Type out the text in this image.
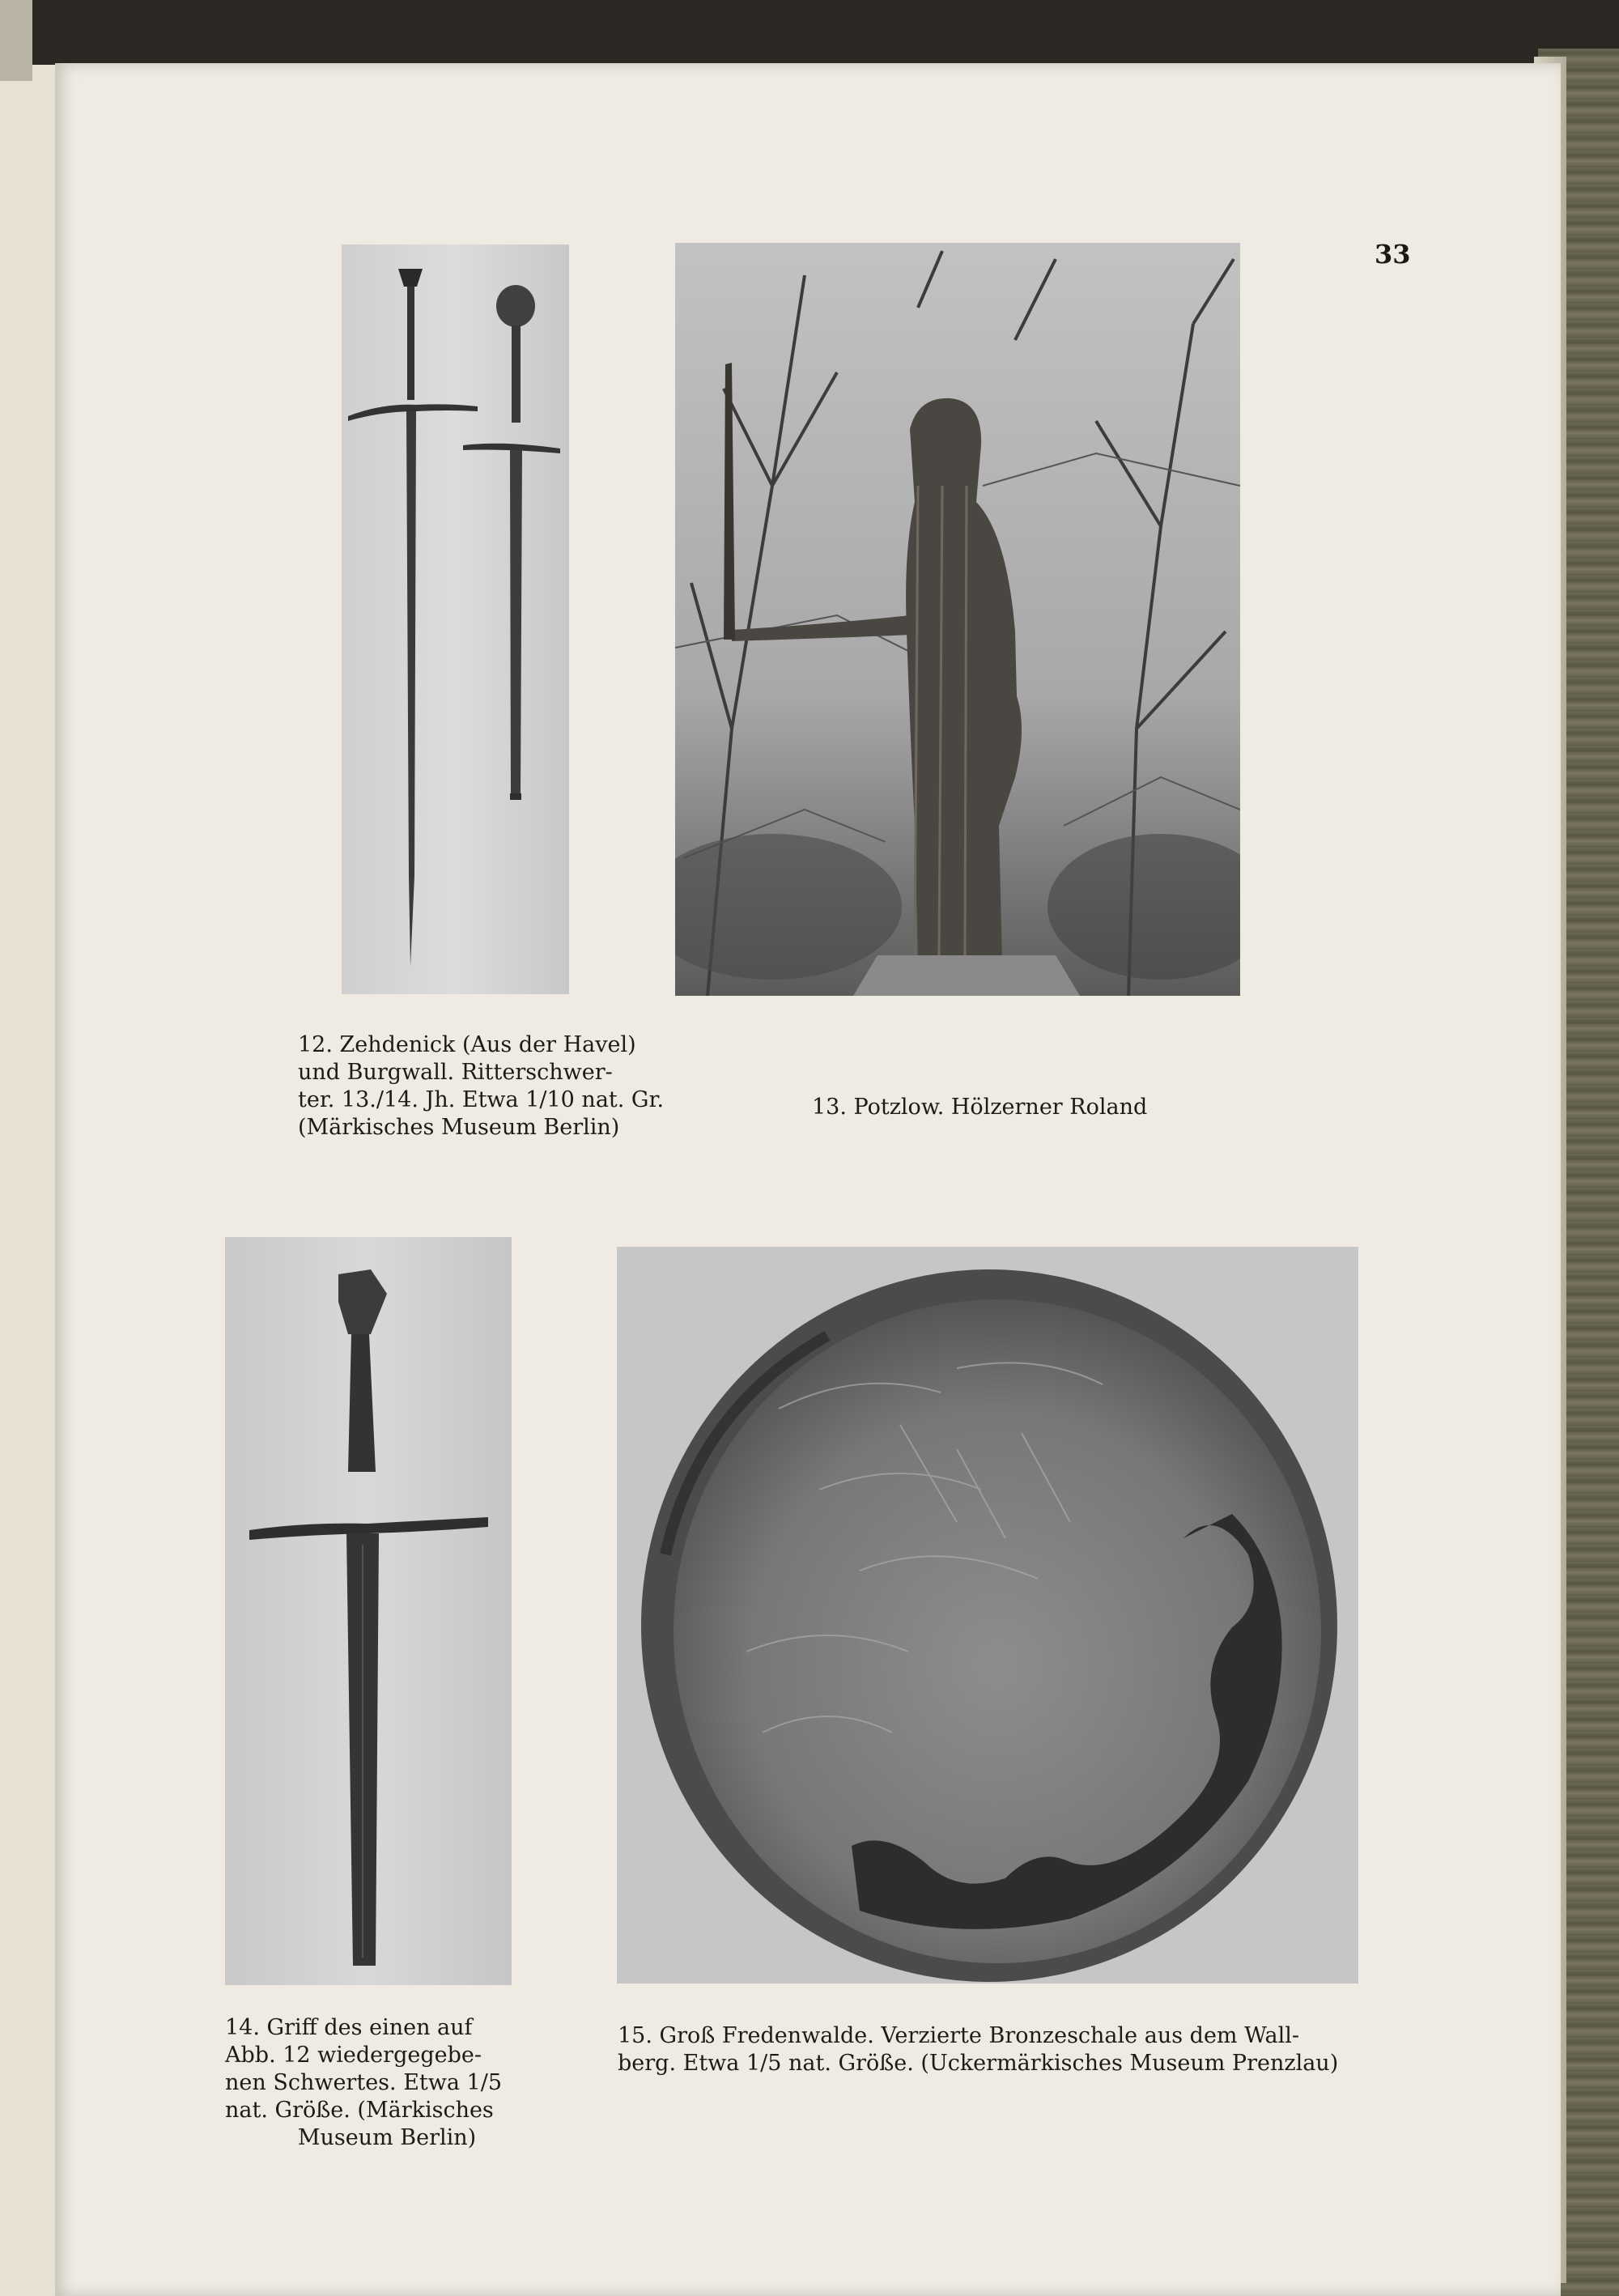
33
12. Zehdenick (Aus der Havel)
und Burgwall. Ritterschwer-
ter. 13./14. Jh. Etwa 1/10 nat. Gr.
(Märkisches Museum Berlin)
13. Potzlow. Hölzerner Roland
14. Griff des einen auf
Abb. 12 wiedergegebe-
nen Schwertes. Etwa 1/5
nat. Größe. (Märkisches
Museum Berlin)
15. Groß Fredenwalde. Verzierte Bronzeschale aus dem Wall-
berg. Etwa 1/5 nat. Größe. (Uckermärkisches Museum Prenzlau)
